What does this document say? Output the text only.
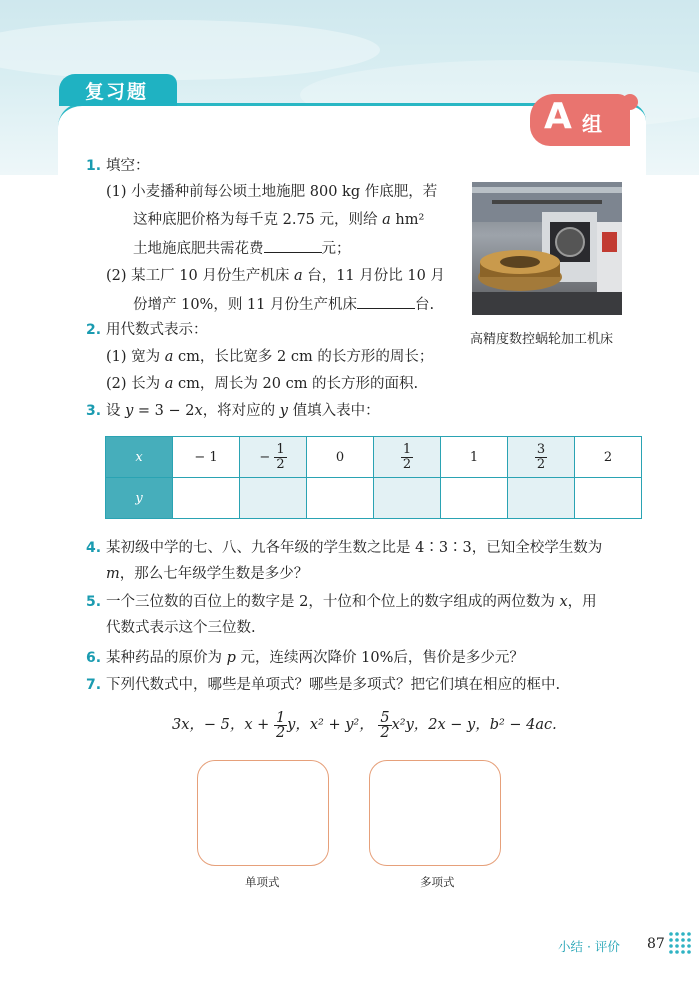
复习题
A 组
1. 填空：
(1) 小麦播种前每公顷土地施肥 800 kg 作底肥，若
这种底肥价格为每千克 2.75 元，则给 a hm²
土地施底肥共需花费	元；
(2) 某工厂 10 月份生产机床 a 台，11 月份比 10 月
份增产 10%，则 11 月份生产机床	台.
高精度数控蜗轮加工机床
2. 用代数式表示：
(1) 宽为 a cm，长比宽多 2 cm 的长方形的周长；
(2) 长为 a cm，周长为 20 cm 的长方形的面积.
3. 设 y = 3 − 2x，将对应的 y 值填入表中：
x	− 1	− $\frac{1}{2}$	0	$\frac{1}{2}$	1	$\frac{3}{2}$	2
y							
4. 某初级中学的七、八、九各年级的学生数之比是 4∶3∶3，已知全校学生数为
m，那么七年级学生数是多少？
5. 一个三位数的百位上的数字是 2，十位和个位上的数字组成的两位数为 x，用
代数式表示这个三位数.
6. 某种药品的原价为 p 元，连续两次降价 10%后，售价是多少元？
7. 下列代数式中，哪些是单项式？哪些是多项式？把它们填在相应的框中.
3x，− 5，$x + \frac{1}{2}$ y，x² + y²， $\frac{5}{2} x^2y$，2x − y，b² − 4ac.
单项式	多项式
小结 · 评价 87
